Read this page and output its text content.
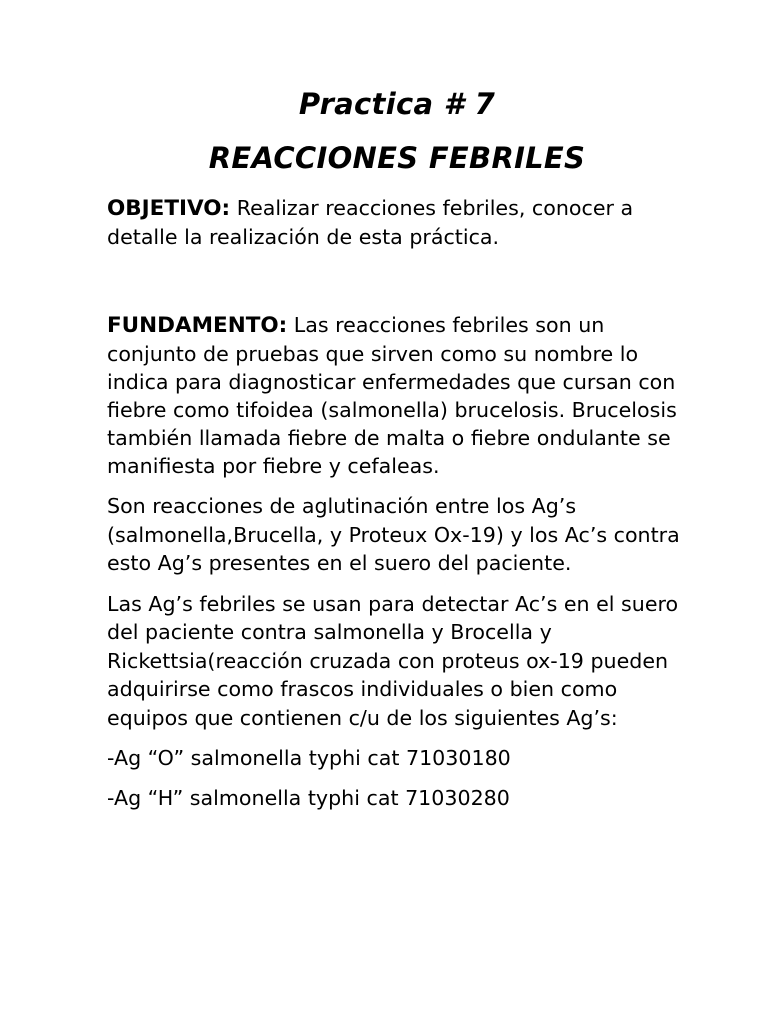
Practica # 7
REACCIONES FEBRILES

OBJETIVO: Realizar reacciones febriles, conocer a detalle la realización de esta práctica.

FUNDAMENTO: Las reacciones febriles son un conjunto de pruebas que sirven como su nombre lo indica para diagnosticar enfermedades que cursan con fiebre como tifoidea (salmonella) brucelosis. Brucelosis también llamada fiebre de malta o fiebre ondulante se manifiesta por fiebre y cefaleas.

Son reacciones de aglutinación entre los Ag’s (salmonella,Brucella, y Proteux Ox-19) y los Ac’s contra esto Ag’s presentes en el suero del paciente.

Las Ag’s febriles se usan para detectar Ac’s en el suero del paciente contra salmonella y Brocella y Rickettsia(reacción cruzada con proteus ox-19 pueden adquirirse como frascos individuales o bien como equipos que contienen c/u de los siguientes Ag’s:

-Ag “O” salmonella typhi cat 71030180

-Ag “H” salmonella typhi cat 71030280
